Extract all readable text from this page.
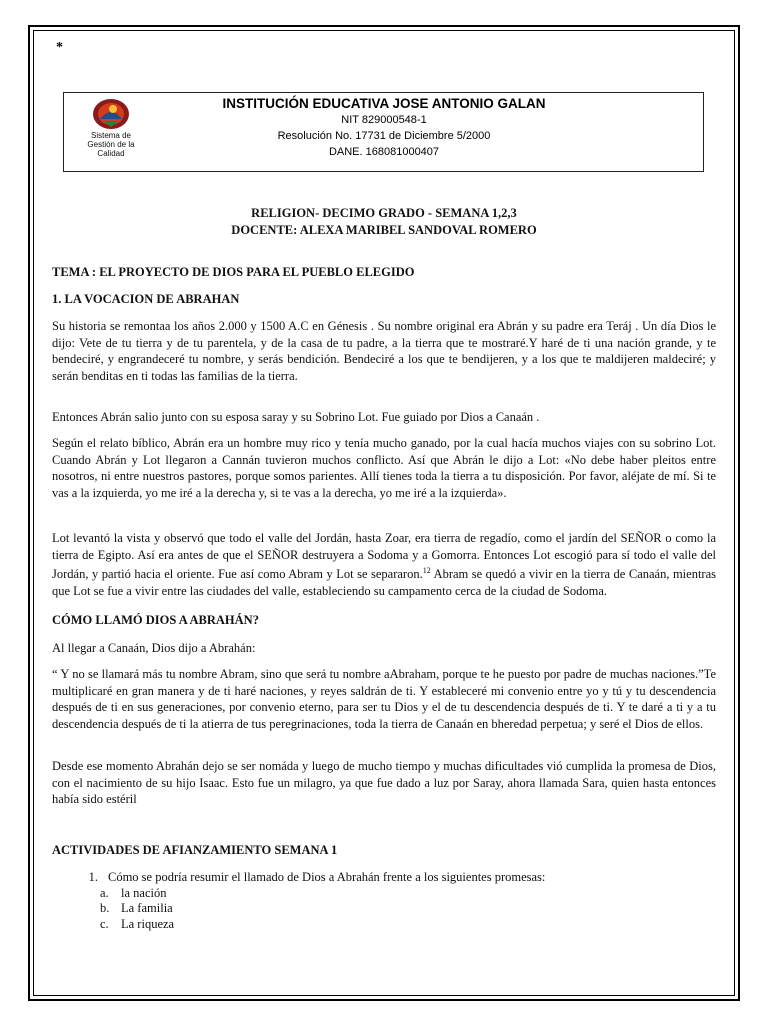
*
Sistema de
Gestión de la
Calidad
INSTITUCIÓN EDUCATIVA JOSE ANTONIO GALAN
NIT 829000548-1
Resolución No. 17731 de Diciembre 5/2000
DANE. 168081000407
RELIGION- DECIMO GRADO - SEMANA 1,2,3
DOCENTE: ALEXA MARIBEL SANDOVAL ROMERO
TEMA : EL PROYECTO DE DIOS PARA EL PUEBLO ELEGIDO
1. LA VOCACION DE ABRAHAN

Su historia se remontaa los años 2.000 y 1500 A.C en Génesis . Su nombre original era Abrán y su padre era Teráj . Un día Dios le dijo: Vete de tu tierra y de tu parentela, y de la casa de tu padre, a la tierra que te mostraré.Y haré de ti una nación grande, y te bendeciré, y engrandeceré tu nombre, y serás bendición. Bendeciré a los que te bendijeren, y a los que te maldijeren maldeciré; y serán benditas en ti todas las familias de la tierra.

Entonces Abrán salio junto con su esposa saray y su Sobrino Lot. Fue guiado por Dios a Canaán .

Según el relato bíblico, Abrán era un hombre muy rico y tenía mucho ganado, por la cual hacía muchos viajes con su sobrino Lot. Cuando Abrán y Lot llegaron a Cannán tuvieron muchos conflicto. Así que Abrán le dijo a Lot: «No debe haber pleitos entre nosotros, ni entre nuestros pastores, porque somos parientes. Allí tienes toda la tierra a tu disposición. Por favor, aléjate de mí. Si te vas a la izquierda, yo me iré a la derecha y, si te vas a la derecha, yo me iré a la izquierda».

Lot levantó la vista y observó que todo el valle del Jordán, hasta Zoar, era tierra de regadío, como el jardín del SEÑOR o como la tierra de Egipto. Así era antes de que el SEÑOR destruyera a Sodoma y a Gomorra. Entonces Lot escogió para sí todo el valle del Jordán, y partió hacia el oriente. Fue así como Abram y Lot se separaron.$^{12}$ Abram se quedó a vivir en la tierra de Canaán, mientras que Lot se fue a vivir entre las ciudades del valle, estableciendo su campamento cerca de la ciudad de Sodoma.

CÓMO LLAMÓ DIOS A ABRAHÁN?

Al llegar a Canaán, Dios dijo a Abrahán:

“ Y no se llamará más tu nombre Abram, sino que será tu nombre aAbraham, porque te he puesto por padre de muchas naciones.”Te multiplicaré en gran manera y de ti haré naciones, y reyes saldrán de ti. Y estableceré mi convenio entre yo y tú y tu descendencia después de ti en sus generaciones, por convenio eterno, para ser tu Dios y el de tu descendencia después de ti. Y te daré a ti y a tu descendencia después de ti la atierra de tus peregrinaciones, toda la tierra de Canaán en bheredad perpetua; y seré el Dios de ellos.

Desde ese momento Abrahán dejo se ser nomáda y luego de mucho tiempo y muchas dificultades vió cumplida la promesa de Dios, con el nacimiento de su hijo Isaac. Esto fue un milagro, ya que fue dado a luz por Saray, ahora llamada Sara, quien hasta entonces había sido estéril

ACTIVIDADES DE AFIANZAMIENTO SEMANA 1
1. Cómo se podría resumir el llamado de Dios a Abrahán frente a los siguientes promesas:
a. la nación
b. La familia
c. La riqueza
